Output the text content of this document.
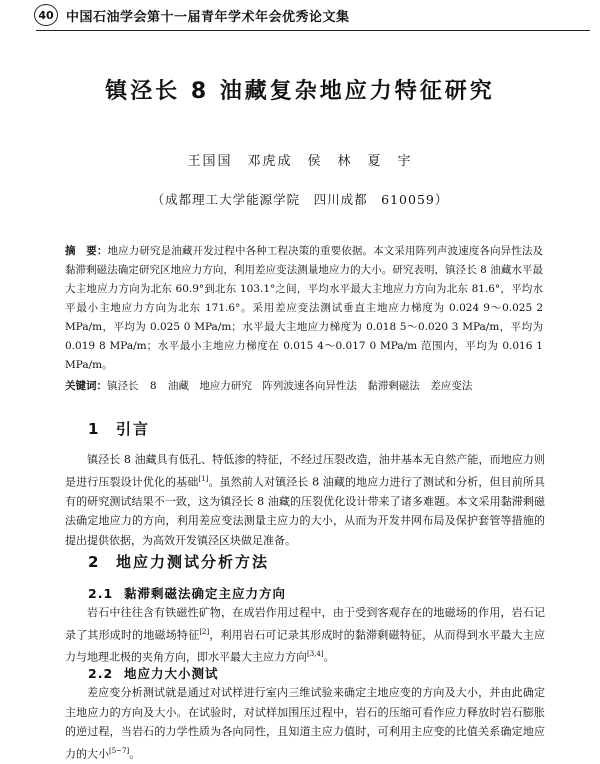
40 中国石油学会第十一届青年学术年会优秀论文集
镇泾长 8 油藏复杂地应力特征研究
王国国　邓虎成　侯　林　夏　宇
（成都理工大学能源学院　四川成都　610059）
摘　要：地应力研究是油藏开发过程中各种工程决策的重要依据。本文采用阵列声波速度各向异性法及黏滞剩磁法确定研究区地应力方向，利用差应变法测量地应力的大小。研究表明，镇泾长 8 油藏水平最大主地应力方向为北东 60.9°到北东 103.1°之间，平均水平最大主地应力方向为北东 81.6°，平均水平最小主地应力方向为北东 171.6°。采用差应变法测试垂直主地应力梯度为 0.024 9～0.025 2 MPa/m，平均为 0.025 0 MPa/m；水平最大主地应力梯度为 0.018 5～0.020 3 MPa/m，平均为 0.019 8 MPa/m；水平最小主地应力梯度在 0.015 4～0.017 0 MPa/m 范围内，平均为 0.016 1 MPa/m。
关键词：镇泾长 8 油藏　地应力研究　阵列波速各向异性法　黏滞剩磁法　差应变法
1 引言
镇泾长 8 油藏具有低孔、特低渗的特征，不经过压裂改造，油井基本无自然产能，而地应力则是进行压裂设计优化的基础[1]。虽然前人对镇泾长 8 油藏的地应力进行了测试和分析，但目前所具有的研究测试结果不一致，这为镇泾长 8 油藏的压裂优化设计带来了诸多难题。本文采用黏滞剩磁法确定地应力的方向，利用差应变法测量主应力的大小，从而为开发井网布局及保护套管等措施的提出提供依据，为高效开发镇泾区块做足准备。
2 地应力测试分析方法
2.1 黏滞剩磁法确定主应力方向
岩石中往往含有铁磁性矿物，在成岩作用过程中，由于受到客观存在的地磁场的作用，岩石记录了其形成时的地磁场特征[2]，利用岩石可记录其形成时的黏滞剩磁特征，从而得到水平最大主应力与地理北极的夹角方向，即水平最大主应力方向[3,4]。
2.2 地应力大小测试
差应变分析测试就是通过对试样进行室内三维试验来确定主地应变的方向及大小，并由此确定主地应力的方向及大小。在试验时，对试样加围压过程中，岩石的压缩可看作应力释放时岩石膨胀的逆过程，当岩石的力学性质为各向同性，且知道主应力值时，可利用主应变的比值关系确定地应力的大小[5~7]。
